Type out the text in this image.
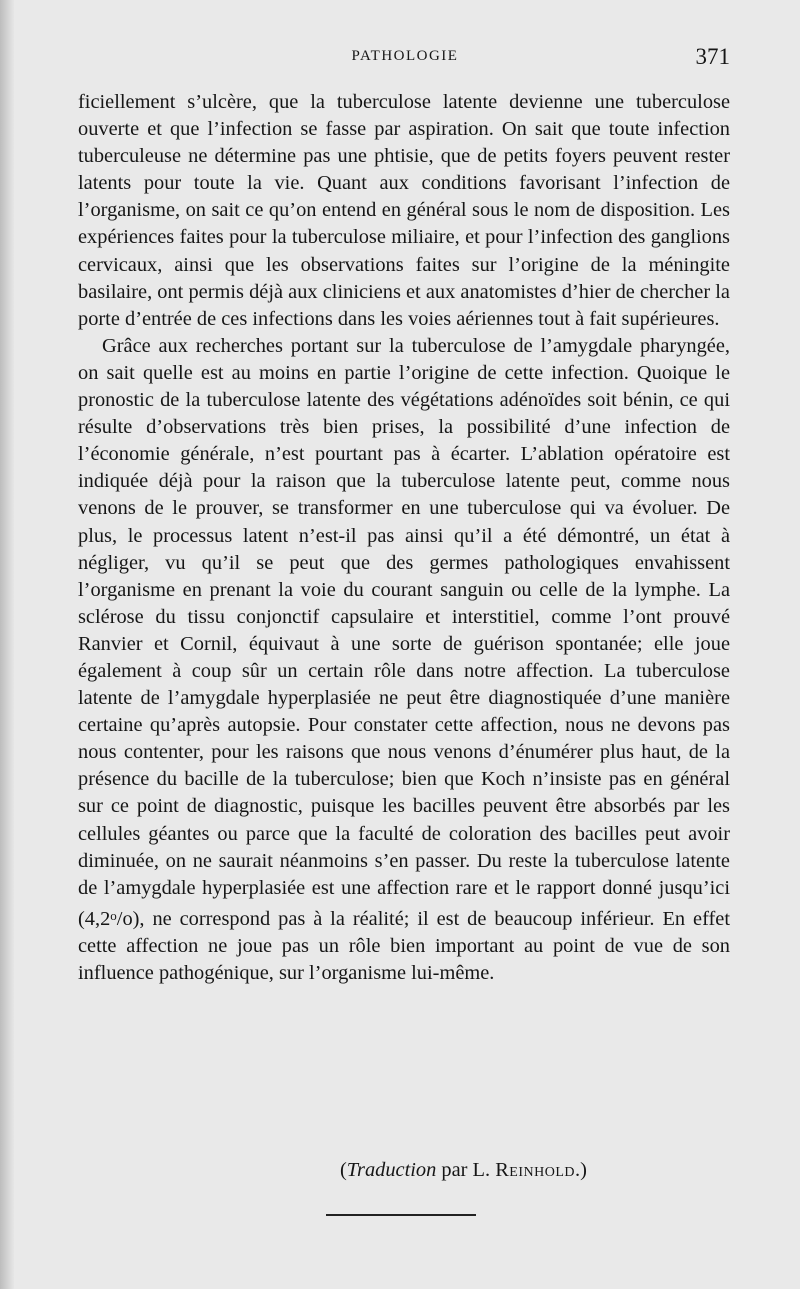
PATHOLOGIE	371

ficiellement s’ulcère, que la tuberculose latente devienne une tuberculose ouverte et que l’infection se fasse par aspiration. On sait que toute infection tuberculeuse ne détermine pas une phtisie, que de petits foyers peuvent rester latents pour toute la vie. Quant aux conditions favorisant l’infection de l’organisme, on sait ce qu’on entend en général sous le nom de disposition. Les expériences faites pour la tuberculose miliaire, et pour l’infection des ganglions cervicaux, ainsi que les observations faites sur l’origine de la méningite basilaire, ont permis déjà aux cliniciens et aux anatomistes d’hier de chercher la porte d’entrée de ces infections dans les voies aériennes tout à fait supérieures.

Grâce aux recherches portant sur la tuberculose de l’amygdale pharyngée, on sait quelle est au moins en partie l’origine de cette infection. Quoique le pronostic de la tuberculose latente des végétations adénoïdes soit bénin, ce qui résulte d’observations très bien prises, la possibilité d’une infection de l’économie générale, n’est pourtant pas à écarter. L’ablation opératoire est indiquée déjà pour la raison que la tuberculose latente peut, comme nous venons de le prouver, se transformer en une tuberculose qui va évoluer. De plus, le processus latent n’est-il pas ainsi qu’il a été démontré, un état à négliger, vu qu’il se peut que des germes pathologiques envahissent l’organisme en prenant la voie du courant sanguin ou celle de la lymphe. La sclérose du tissu conjonctif capsulaire et interstitiel, comme l’ont prouvé Ranvier et Cornil, équivaut à une sorte de guérison spontanée; elle joue également à coup sûr un certain rôle dans notre affection. La tuberculose latente de l’amygdale hyperplasiée ne peut être diagnostiquée d’une manière certaine qu’après autopsie. Pour constater cette affection, nous ne devons pas nous contenter, pour les raisons que nous venons d’énumérer plus haut, de la présence du bacille de la tuberculose; bien que Koch n’insiste pas en général sur ce point de diagnostic, puisque les bacilles peuvent être absorbés par les cellules géantes ou parce que la faculté de coloration des bacilles peut avoir diminuée, on ne saurait néanmoins s’en passer. Du reste la tuberculose latente de l’amygdale hyperplasiée est une affection rare et le rapport donné jusqu’ici (4,2$^o$/o), ne correspond pas à la réalité; il est de beaucoup inférieur. En effet cette affection ne joue pas un rôle bien important au point de vue de son influence pathogénique, sur l’organisme lui-même.

(Traduction par L. Reinhold.)
